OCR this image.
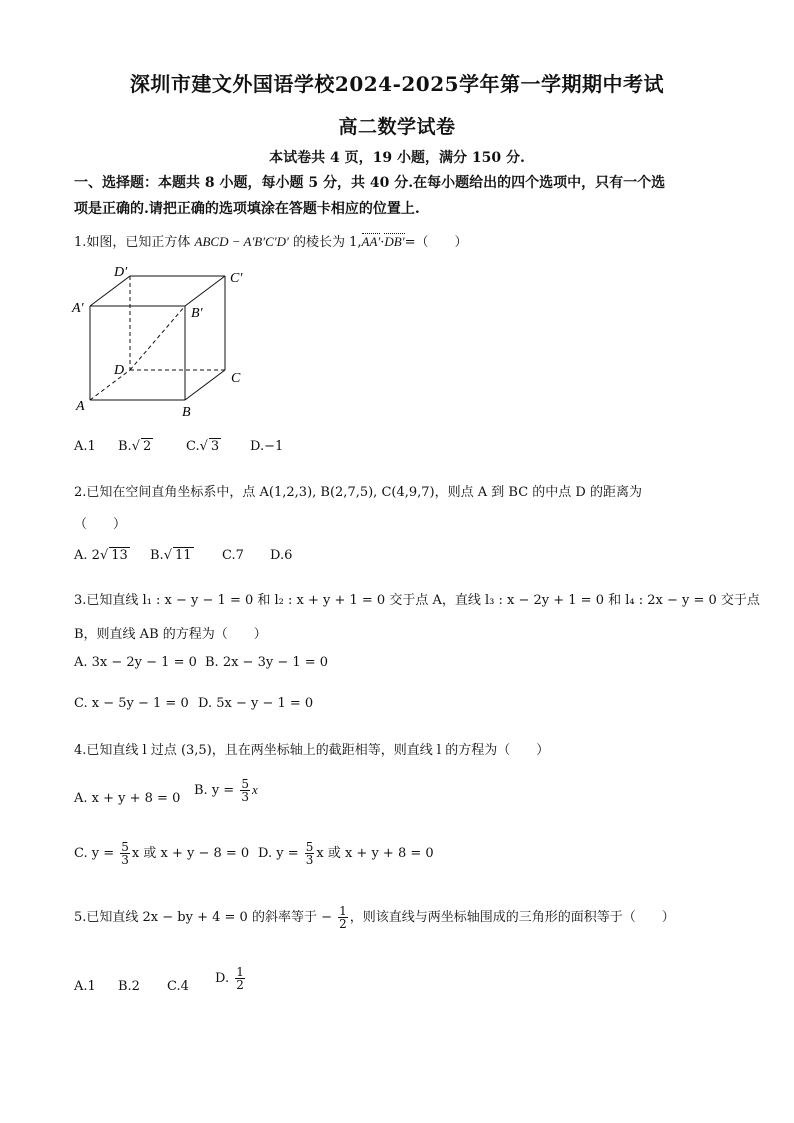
深圳市建文外国语学校2024-2025学年第一学期期中考试
高二数学试卷
本试卷共 4 页，19 小题，满分 150 分.
一、选择题：本题共 8 小题，每小题 5 分，共 40 分.在每小题给出的四个选项中，只有一个选
项是正确的.请把正确的选项填涂在答题卡相应的位置上.
1.如图，已知正方体 ABCD − A′B′C′D′ 的棱长为 1,AA′·DB′=（　　）
D′	C′
A′	B′
D
C
A	B
A.1 B.√ 2	C.√ 3 D.−1
2.已知在空间直角坐标系中，点 A(1,2,3), B(2,7,5), C(4,9,7)，则点 A 到 BC 的中点 D 的距离为
（　　）
A. 2√ 13 B.√ 11 C.7 D.6
3.已知直线 l₁ : x − y − 1 = 0 和 l₂ : x + y + 1 = 0 交于点 A，直线 l₃ : x − 2y + 1 = 0 和 l₄ : 2x − y = 0 交于点
B，则直线 AB 的方程为（　　）
A. 3x − 2y − 1 = 0 B. 2x − 3y − 1 = 0
C. x − 5y − 1 = 0 D. 5x − y − 1 = 0
4.已知直线 l 过点 (3,5)，且在两坐标轴上的截距相等，则直线 l 的方程为（　　）
A. x + y + 8 = 0
B. $y = \frac{5}{3}$ x
C. $y = \frac{5}{3}$ x 或 x + y − 8 = 0 D. $y = \frac{5}{3}$ x 或 x + y + 8 = 0
5.已知直线 2x − by + 4 = 0 的斜率等于 − $\frac{1}{2}$ ，则该直线与两坐标轴围成的三角形的面积等于（　　）
A.1 B.2 C.4
D. $\frac{1}{2}$
